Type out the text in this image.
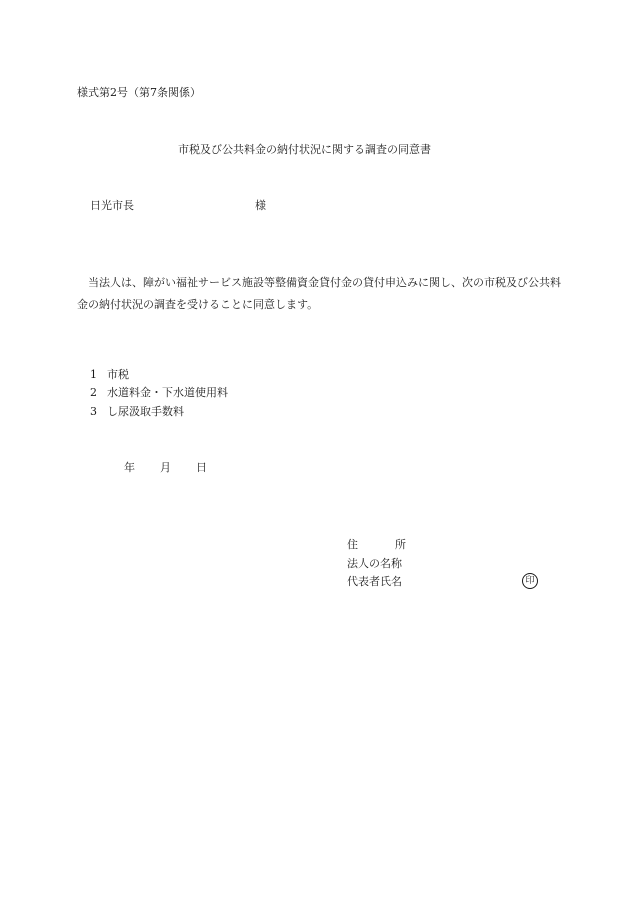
様式第2号（第7条関係）
市税及び公共料金の納付状況に関する調査の同意書
日光市長	様
当法人は、障がい福祉サービス施設等整備資金貸付金の貸付申込みに関し、次の市税及び公共料金の納付状況の調査を受けることに同意します。
1 市税
2 水道料金・下水道使用料
3 し尿汲取手数料
年 月 日
住	所
法人の名称
代表者氏名	印
